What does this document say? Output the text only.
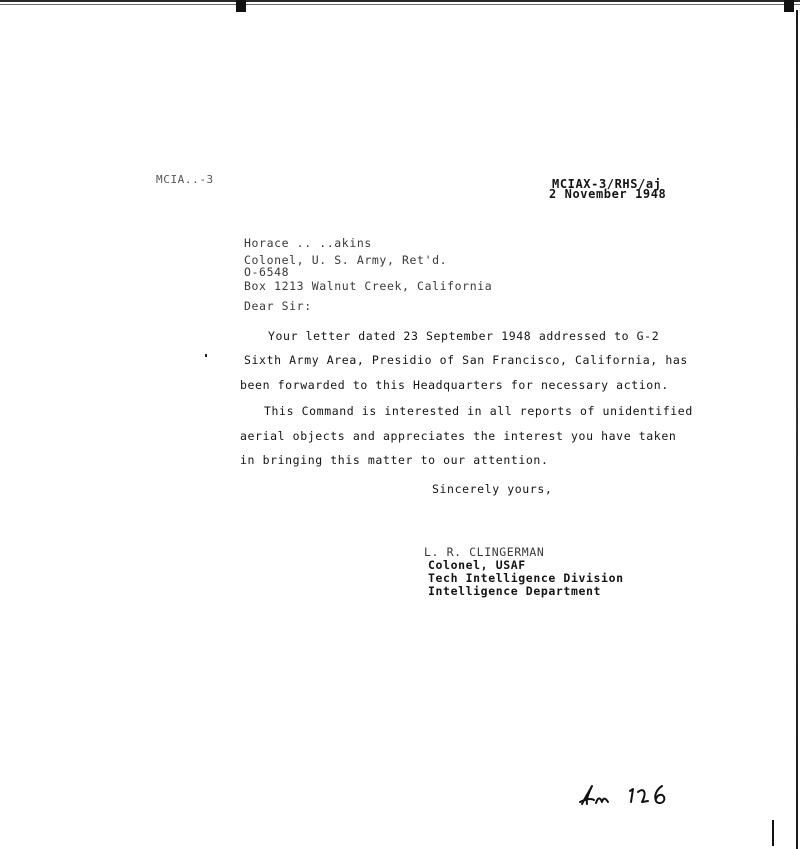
MCIA..-3	MCIAX-3/RHS/aj
2 November 1948
Horace .. ..akins
Colonel, U. S. Army, Ret'd.
O-6548
Box 1213 Walnut Creek, California
Dear Sir:
Your letter dated 23 September 1948 addressed to G-2
Sixth Army Area, Presidio of San Francisco, California, has
been forwarded to this Headquarters for necessary action.
This Command is interested in all reports of unidentified
aerial objects and appreciates the interest you have taken
in bringing this matter to our attention.
Sincerely yours,
L. R. CLINGERMAN
Colonel, USAF
Tech Intelligence Division
Intelligence Department
